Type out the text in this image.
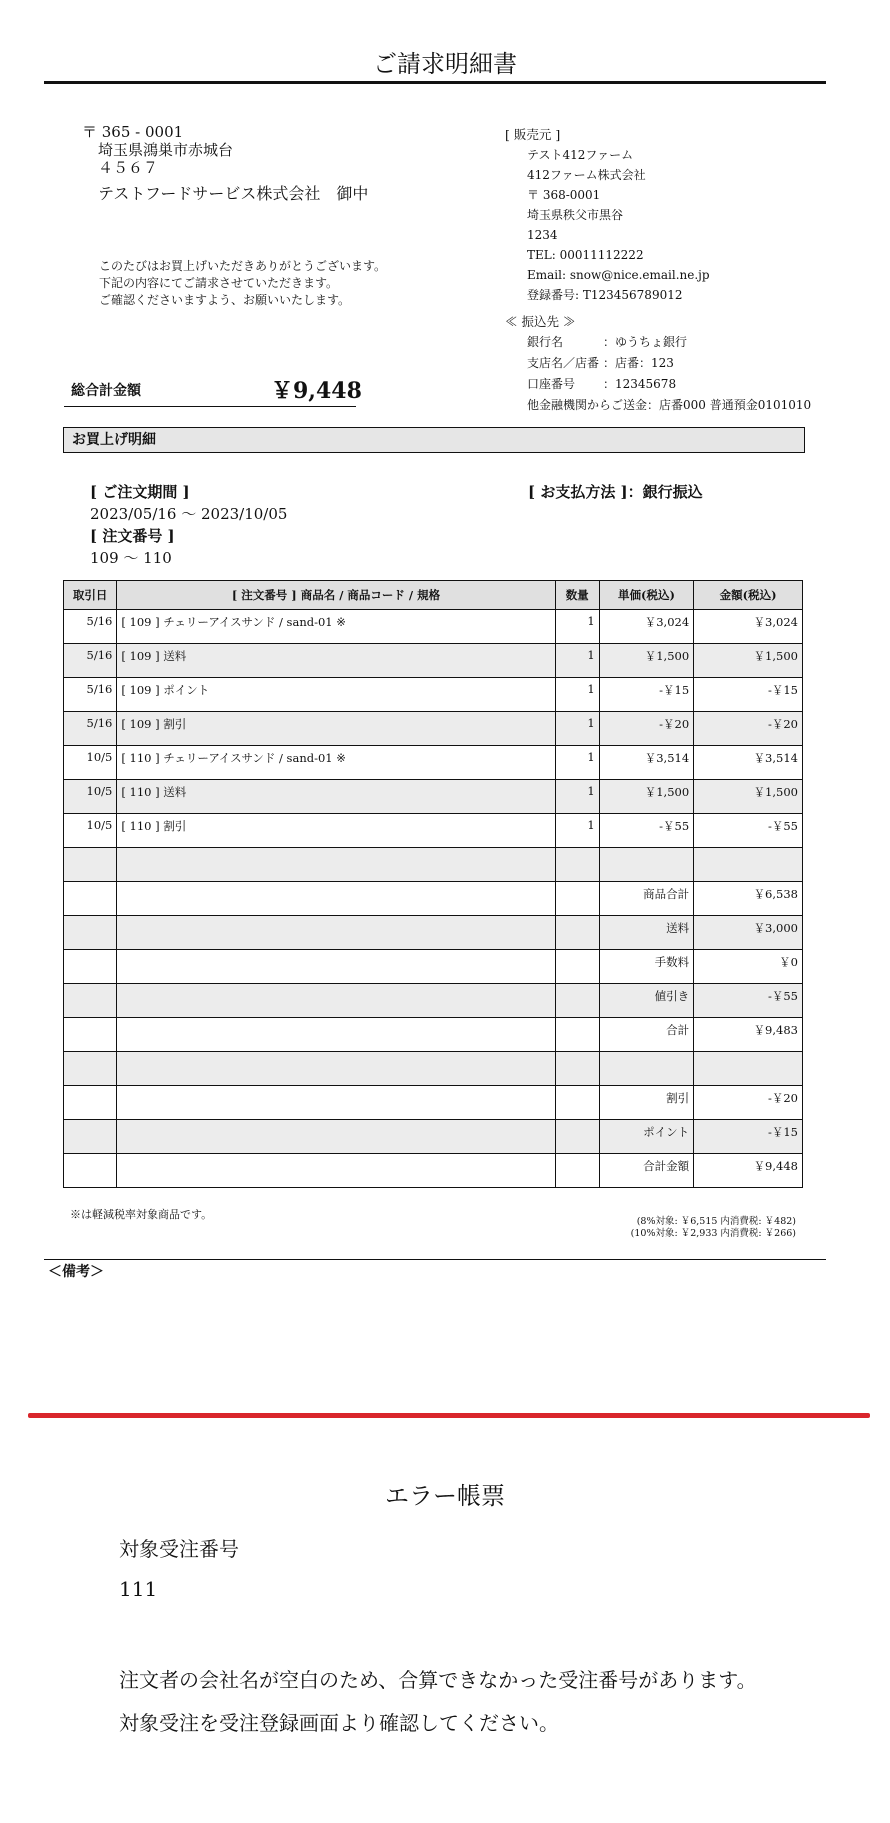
ご請求明細書
〒 365 - 0001
埼玉県鴻巣市赤城台
４５６７
テストフードサービス株式会社　御中
このたびはお買上げいただきありがとうございます。
下記の内容にてご請求させていただきます。
ご確認くださいますよう、お願いいたします。
[ 販売元 ]
テスト412ファーム
412ファーム株式会社
〒 368-0001
埼玉県秩父市黒谷
1234
TEL: 00011112222
Email: snow@nice.email.ne.jp
登録番号: T123456789012
≪ 振込先 ≫
銀行名	：ゆうちょ銀行
支店名／店番 ：店番：123
口座番号	：12345678
他金融機関からご送金：店番000 普通預金0101010
総合計金額	￥9,448
お買上げ明細
[ ご注文期間 ]
2023/05/16 ～ 2023/10/05
[ 注文番号 ]
109 ～ 110
[ お支払方法 ]：銀行振込
取引日	[ 注文番号 ] 商品名 / 商品コード / 規格	数量	単価(税込)	金額(税込)
5/16	[ 109 ] チェリーアイスサンド / sand-01 ※	1	￥3,024	￥3,024
5/16	[ 109 ] 送料	1	￥1,500	￥1,500
5/16	[ 109 ] ポイント	1	-￥15	-￥15
5/16	[ 109 ] 割引	1	-￥20	-￥20
10/5	[ 110 ] チェリーアイスサンド / sand-01 ※	1	￥3,514	￥3,514
10/5	[ 110 ] 送料	1	￥1,500	￥1,500
10/5	[ 110 ] 割引	1	-￥55	-￥55

			商品合計	￥6,538
			送料	￥3,000
			手数料	￥0
			値引き	-￥55
			合計	￥9,483

			割引	-￥20
			ポイント	-￥15
			合計金額	￥9,448
※は軽減税率対象商品です。
(8%対象: ￥6,515 内消費税: ￥482)
(10%対象: ￥2,933 内消費税: ￥266)
＜備考＞
エラー帳票
対象受注番号
111
注文者の会社名が空白のため、合算できなかった受注番号があります。
対象受注を受注登録画面より確認してください。
